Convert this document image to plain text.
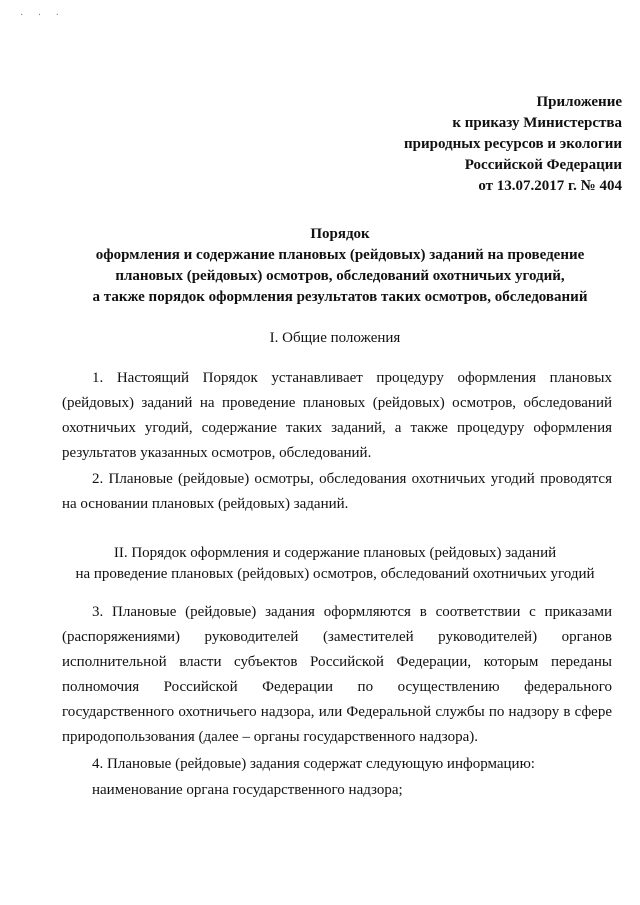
· · ·
Приложение
к приказу Министерства
природных ресурсов и экологии
Российской Федерации
от 13.07.2017 г. № 404
Порядок
оформления и содержание плановых (рейдовых) заданий на проведение
плановых (рейдовых) осмотров, обследований охотничьих угодий,
а также порядок оформления результатов таких осмотров, обследований
I. Общие положения
1. Настоящий Порядок устанавливает процедуру оформления плановых (рейдовых) заданий на проведение плановых (рейдовых) осмотров, обследований охотничьих угодий, содержание таких заданий, а также процедуру оформления результатов указанных осмотров, обследований.
2. Плановые (рейдовые) осмотры, обследования охотничьих угодий проводятся на основании плановых (рейдовых) заданий.
II. Порядок оформления и содержание плановых (рейдовых) заданий
на проведение плановых (рейдовых) осмотров, обследований охотничьих угодий
3. Плановые (рейдовые) задания оформляются в соответствии с приказами (распоряжениями) руководителей (заместителей руководителей) органов исполнительной власти субъектов Российской Федерации, которым переданы полномочия Российской Федерации по осуществлению федерального государственного охотничьего надзора, или Федеральной службы по надзору в сфере природопользования (далее – органы государственного надзора).
4. Плановые (рейдовые) задания содержат следующую информацию:
наименование органа государственного надзора;
